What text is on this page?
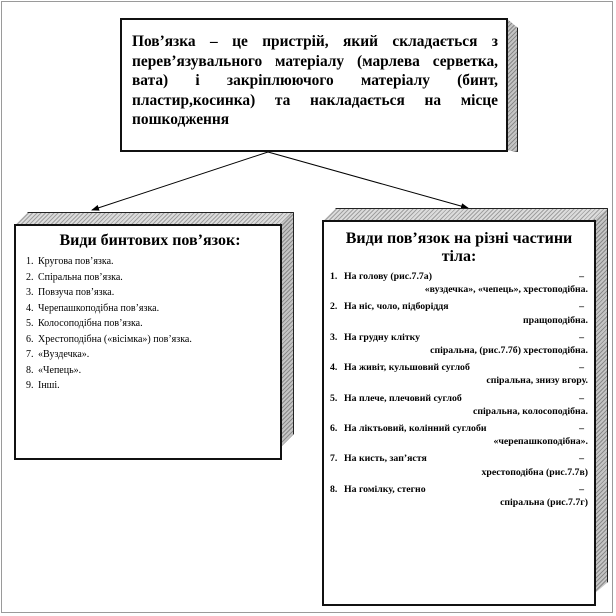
Пов’язка – це пристрій, який складається з перев’язувального матеріалу (марлева серветка, вата) і закріплюючого матеріалу (бинт, пластир,косинка) та накладається на місце пошкодження

Види бинтових пов’язок:
1. Кругова пов’язка.
2. Спіральна пов’язка.
3. Повзуча пов’язка.
4. Черепашкоподібна пов’язка.
5. Колосоподібна пов’язка.
6. Хрестоподібна («вісімка») пов’язка.
7. «Вуздечка».
8. «Чепець».
9. Інші.
Види пов’язок на різні частини тіла:
1. На голову (рис.7.7а)	–
«вуздечка», «чепець», хрестоподібна.
2. На ніс, чоло, підборіддя	–
пращоподібна.
3. На грудну клітку	–
спіральна, (рис.7.7б) хрестоподібна.
4. На живіт, кульшовий суглоб	–
спіральна, знизу вгору.
5. На плече, плечовий суглоб	–
спіральна, колосоподібна.
6. На ліктьовий, колінний суглоби	–
«черепашкоподібна».
7. На кисть, зап’ястя	–
хрестоподібна (рис.7.7в)
8. На гомілку, стегно	–
спіральна (рис.7.7г)
